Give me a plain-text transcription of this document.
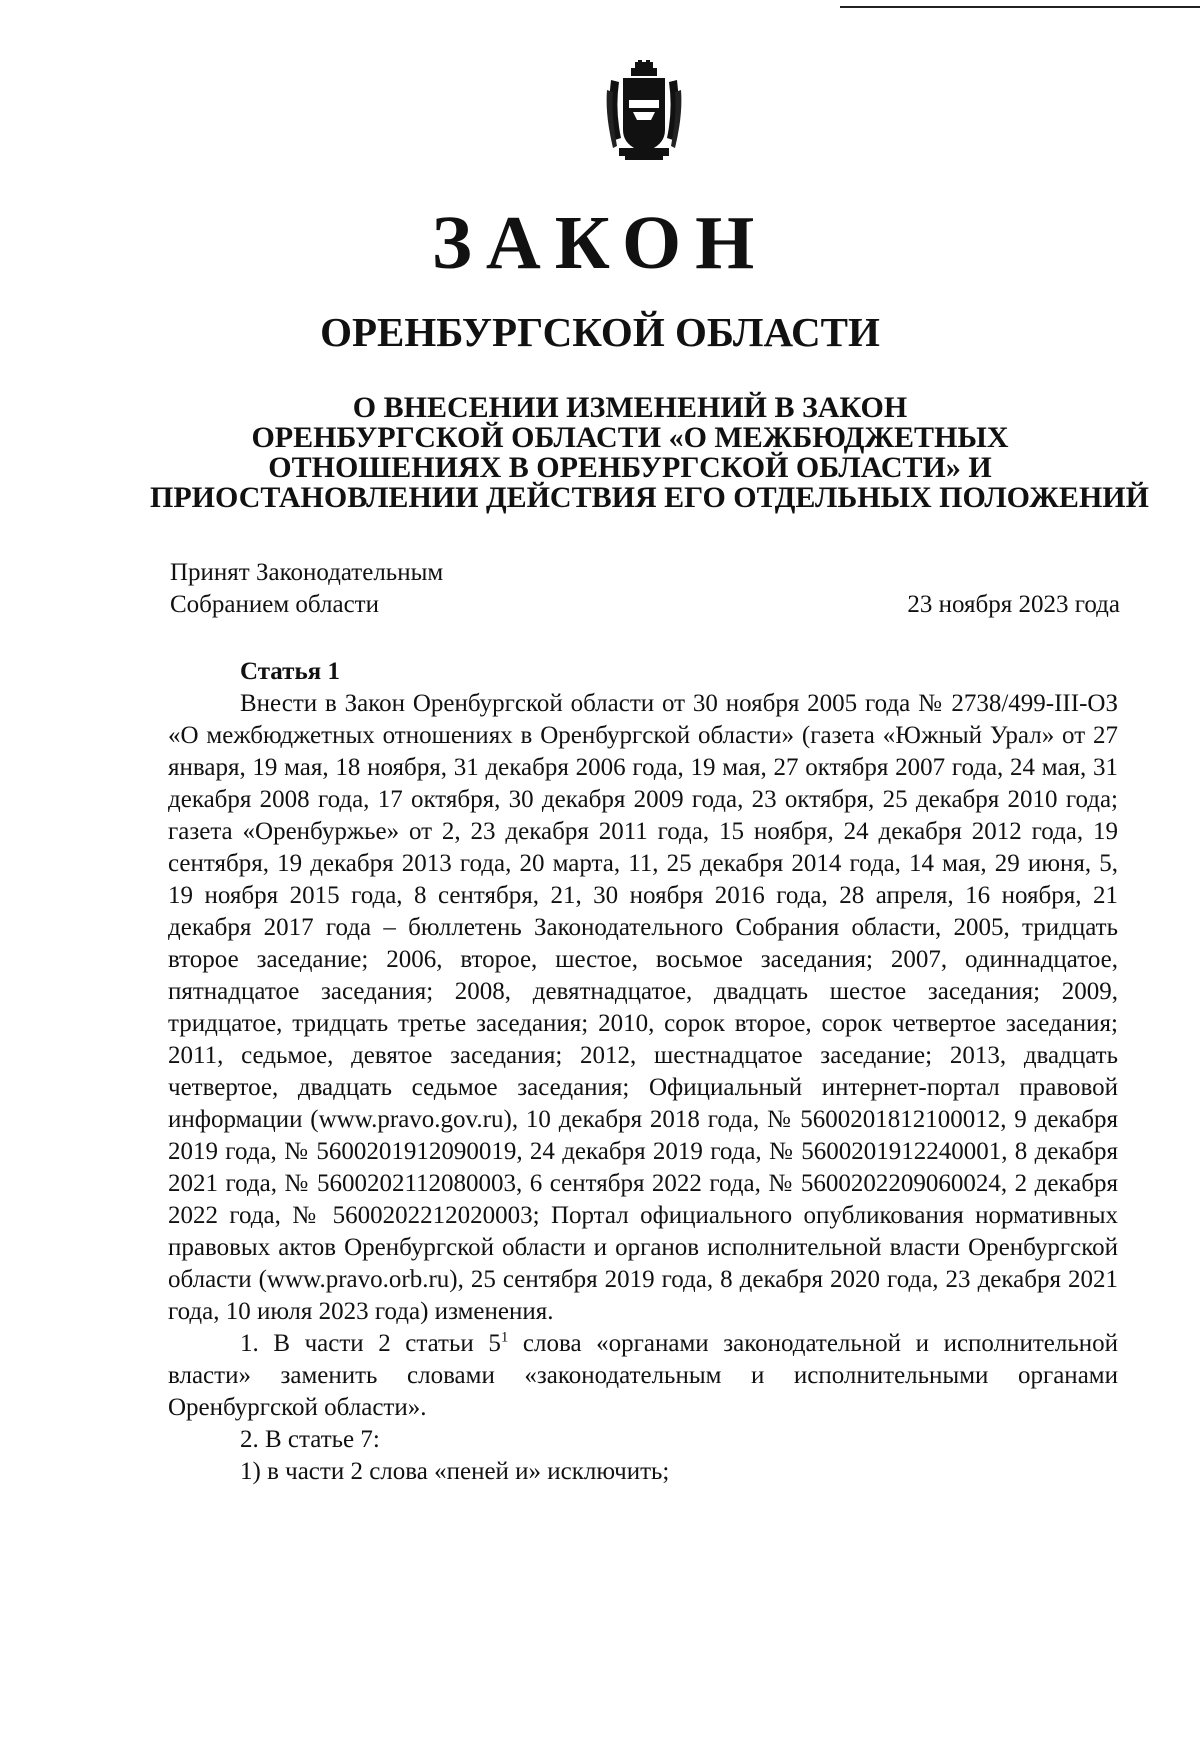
ЗАКОН
ОРЕНБУРГСКОЙ ОБЛАСТИ
О ВНЕСЕНИИ ИЗМЕНЕНИЙ В ЗАКОН
ОРЕНБУРГСКОЙ ОБЛАСТИ «О МЕЖБЮДЖЕТНЫХ
ОТНОШЕНИЯХ В ОРЕНБУРГСКОЙ ОБЛАСТИ» И
ПРИОСТАНОВЛЕНИИ ДЕЙСТВИЯ ЕГО ОТДЕЛЬНЫХ ПОЛОЖЕНИЙ
Принят Законодательным
Собранием области	23 ноября 2023 года
Статья 1

Внести в Закон Оренбургской области от 30 ноября 2005 года № 2738/499-III-ОЗ «О межбюджетных отношениях в Оренбургской области» (газета «Южный Урал» от 27 января, 19 мая, 18 ноября, 31 декабря 2006 года, 19 мая, 27 октября 2007 года, 24 мая, 31 декабря 2008 года, 17 октября, 30 декабря 2009 года, 23 октября, 25 декабря 2010 года; газета «Оренбуржье» от 2, 23 декабря 2011 года, 15 ноября, 24 декабря 2012 года, 19 сентября, 19 декабря 2013 года, 20 марта, 11, 25 декабря 2014 года, 14 мая, 29 июня, 5, 19 ноября 2015 года, 8 сентября, 21, 30 ноября 2016 года, 28 апреля, 16 ноября, 21 декабря 2017 года – бюллетень Законодательного Собрания области, 2005, тридцать второе заседание; 2006, второе, шестое, восьмое заседания; 2007, одиннадцатое, пятнадцатое заседания; 2008, девятнадцатое, двадцать шестое заседания; 2009, тридцатое, тридцать третье заседания; 2010, сорок второе, сорок четвертое заседания; 2011, седьмое, девятое заседания; 2012, шестнадцатое заседание; 2013, двадцать четвертое, двадцать седьмое заседания; Официальный интернет-портал правовой информации (www.pravo.gov.ru), 10 декабря 2018 года, № 5600201812100012, 9 декабря 2019 года, № 5600201912090019, 24 декабря 2019 года, № 5600201912240001, 8 декабря 2021 года, № 5600202112080003, 6 сентября 2022 года, № 5600202209060024, 2 декабря 2022 года, № 5600202212020003; Портал официального опубликования нормативных правовых актов Оренбургской области и органов исполнительной власти Оренбургской области (www.pravo.orb.ru), 25 сентября 2019 года, 8 декабря 2020 года, 23 декабря 2021 года, 10 июля 2023 года) изменения.

1. В части 2 статьи $5^1$ слова «органами законодательной и исполнительной власти» заменить словами «законодательным и исполнительными органами Оренбургской области».

2. В статье 7:

1) в части 2 слова «пеней и» исключить;
